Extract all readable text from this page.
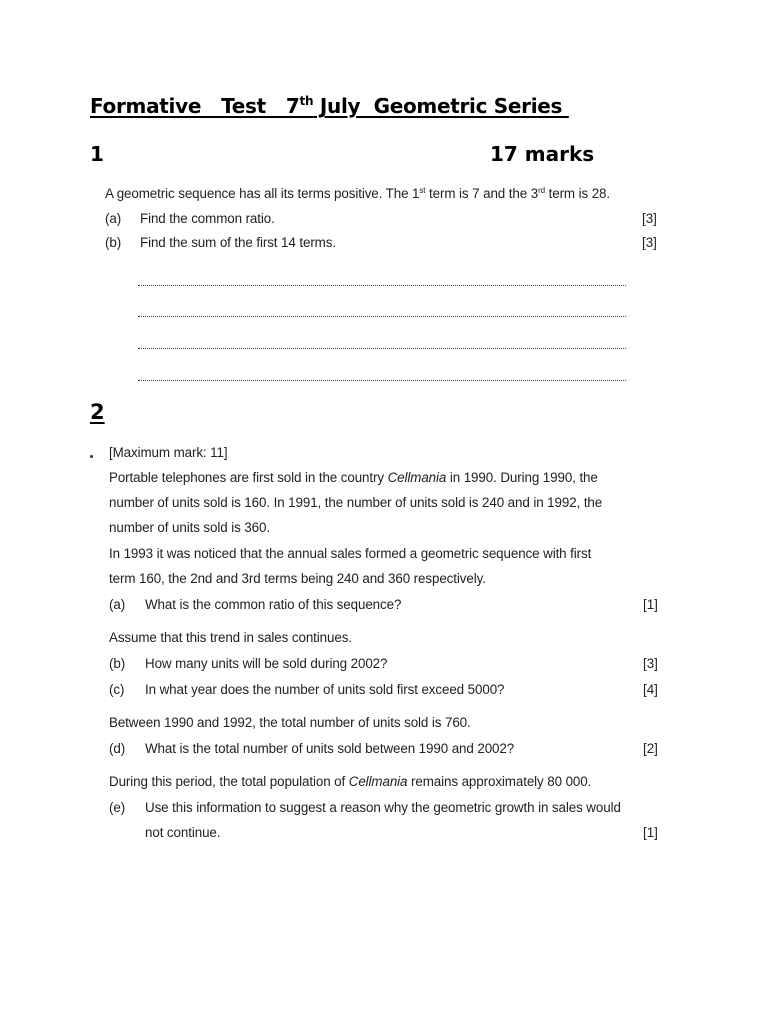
Formative   Test   7th July  Geometric Series
1	17 marks
A geometric sequence has all its terms positive. The 1st term is 7 and the 3rd term is 28.
(a) Find the common ratio.	[3]
(b) Find the sum of the first 14 terms.	[3]
2
[Maximum mark: 11]
Portable telephones are first sold in the country Cellmania in 1990. During 1990, the
number of units sold is 160. In 1991, the number of units sold is 240 and in 1992, the
number of units sold is 360.
In 1993 it was noticed that the annual sales formed a geometric sequence with first
term 160, the 2nd and 3rd terms being 240 and 360 respectively.
(a) What is the common ratio of this sequence?	[1]
Assume that this trend in sales continues.
(b) How many units will be sold during 2002?	[3]
(c) In what year does the number of units sold first exceed 5000?	[4]
Between 1990 and 1992, the total number of units sold is 760.
(d) What is the total number of units sold between 1990 and 2002?	[2]
During this period, the total population of Cellmania remains approximately 80 000.
(e) Use this information to suggest a reason why the geometric growth in sales would
not continue.	[1]
